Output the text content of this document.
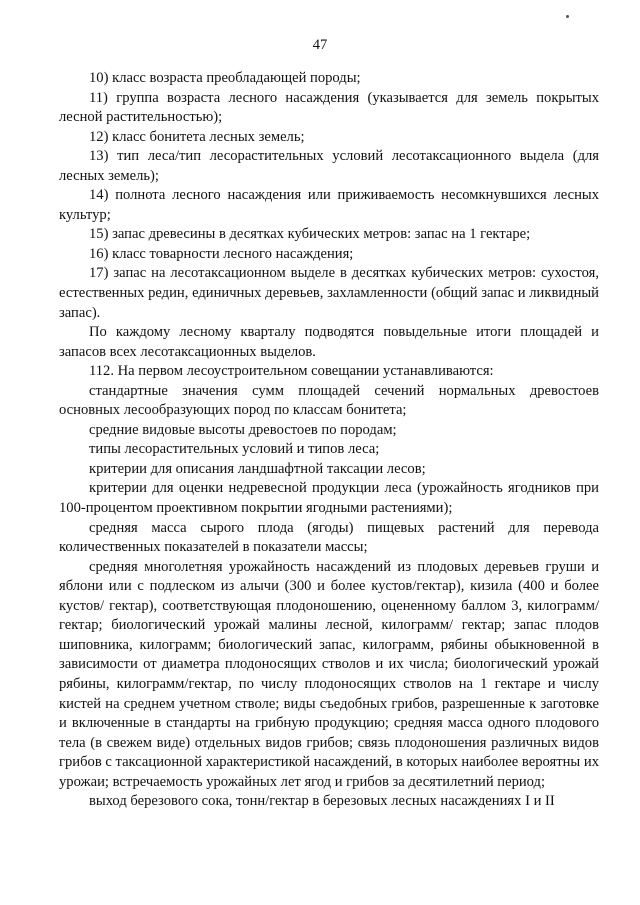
47

10) класс возраста преобладающей породы;

11) группа возраста лесного насаждения (указывается для земель покрытых лесной растительностью);

12) класс бонитета лесных земель;

13) тип леса/тип лесорастительных условий лесотаксационного выдела (для лесных земель);

14) полнота лесного насаждения или приживаемость несомкнувшихся лесных культур;

15) запас древесины в десятках кубических метров: запас на 1 гектаре;

16) класс товарности лесного насаждения;

17) запас на лесотаксационном выделе в десятках кубических метров: сухостоя, естественных редин, единичных деревьев, захламленности (общий запас и ликвидный запас).

По каждому лесному кварталу подводятся повыдельные итоги площадей и запасов всех лесотаксационных выделов.

112. На первом лесоустроительном совещании устанавливаются:

стандартные значения сумм площадей сечений нормальных древостоев основных лесообразующих пород по классам бонитета;

средние видовые высоты древостоев по породам;

типы лесорастительных условий и типов леса;

критерии для описания ландшафтной таксации лесов;

критерии для оценки недревесной продукции леса (урожайность ягодников при 100-процентом проективном покрытии ягодными растениями);

средняя масса сырого плода (ягоды) пищевых растений для перевода количественных показателей в показатели массы;

средняя многолетняя урожайность насаждений из плодовых деревьев груши и яблони или с подлеском из алычи (300 и более кустов/гектар), кизила (400 и более кустов/ гектар), соответствующая плодоношению, оцененному баллом 3, килограмм/гектар; биологический урожай малины лесной, килограмм/ гектар; запас плодов шиповника, килограмм; биологический запас, килограмм, рябины обыкновенной в зависимости от диаметра плодоносящих стволов и их числа; биологический урожай рябины, килограмм/гектар, по числу плодоносящих стволов на 1 гектаре и числу кистей на среднем учетном стволе; виды съедобных грибов, разрешенные к заготовке и включенные в стандарты на грибную продукцию; средняя масса одного плодового тела (в свежем виде) отдельных видов грибов; связь плодоношения различных видов грибов с таксационной характеристикой насаждений, в которых наиболее вероятны их урожаи; встречаемость урожайных лет ягод и грибов за десятилетний период;

выход березового сока, тонн/гектар в березовых лесных насаждениях I и II
